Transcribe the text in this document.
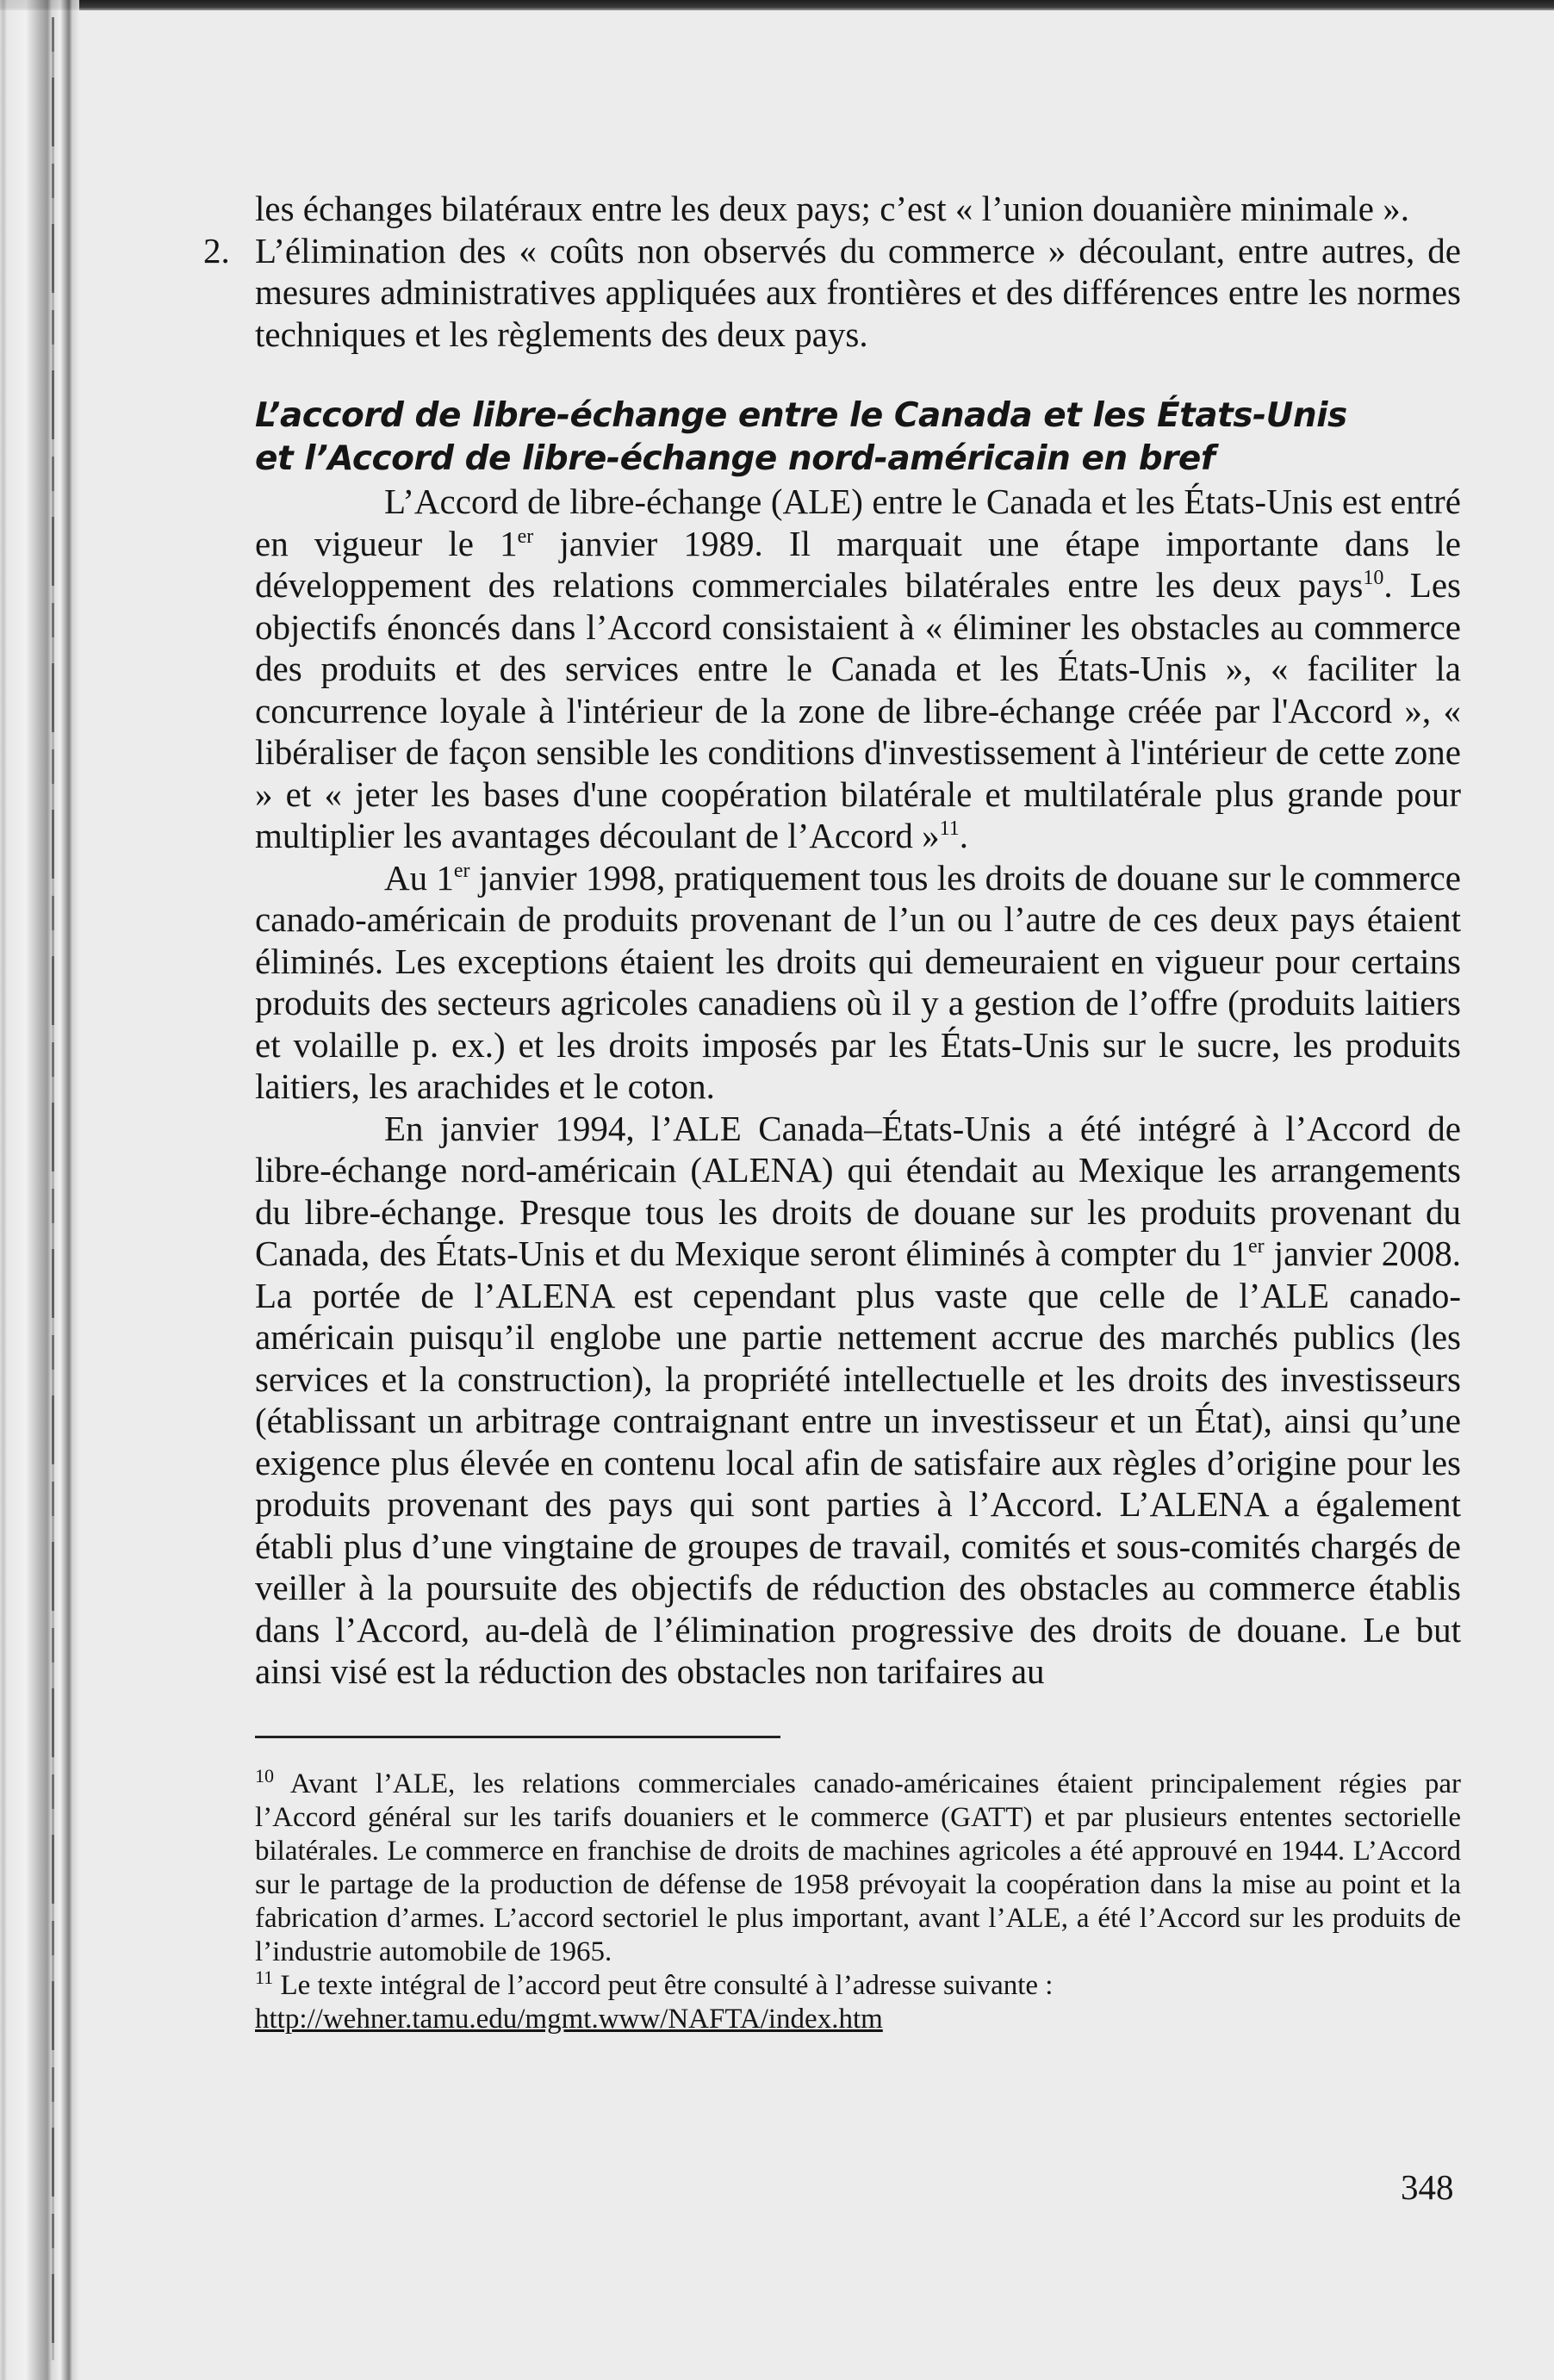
les échanges bilatéraux entre les deux pays; c’est « l’union douanière minimale ».

2. L’élimination des « coûts non observés du commerce » découlant, entre autres, de mesures administratives appliquées aux frontières et des différences entre les normes techniques et les règlements des deux pays.

L’accord de libre-échange entre le Canada et les États-Unis
et l’Accord de libre-échange nord-américain en bref

L’Accord de libre-échange (ALE) entre le Canada et les États-Unis est entré en vigueur le 1er janvier 1989. Il marquait une étape importante dans le développement des relations commerciales bilatérales entre les deux pays$^{10}$. Les objectifs énoncés dans l’Accord consistaient à « éliminer les obstacles au commerce des produits et des services entre le Canada et les États-Unis », « faciliter la concurrence loyale à l'intérieur de la zone de libre-échange créée par l'Accord », « libéraliser de façon sensible les conditions d'investissement à l'intérieur de cette zone » et « jeter les bases d'une coopération bilatérale et multilatérale plus grande pour multiplier les avantages découlant de l’Accord »$^{11}$.

Au 1er janvier 1998, pratiquement tous les droits de douane sur le commerce canado-américain de produits provenant de l’un ou l’autre de ces deux pays étaient éliminés. Les exceptions étaient les droits qui demeuraient en vigueur pour certains produits des secteurs agricoles canadiens où il y a gestion de l’offre (produits laitiers et volaille p. ex.) et les droits imposés par les États-Unis sur le sucre, les produits laitiers, les arachides et le coton.

En janvier 1994, l’ALE Canada–États-Unis a été intégré à l’Accord de libre-échange nord-américain (ALENA) qui étendait au Mexique les arrangements du libre-échange. Presque tous les droits de douane sur les produits provenant du Canada, des États-Unis et du Mexique seront éliminés à compter du 1er janvier 2008. La portée de l’ALENA est cependant plus vaste que celle de l’ALE canado-américain puisqu’il englobe une partie nettement accrue des marchés publics (les services et la construction), la propriété intellectuelle et les droits des investisseurs (établissant un arbitrage contraignant entre un investisseur et un État), ainsi qu’une exigence plus élevée en contenu local afin de satisfaire aux règles d’origine pour les produits provenant des pays qui sont parties à l’Accord. L’ALENA a également établi plus d’une vingtaine de groupes de travail, comités et sous-comités chargés de veiller à la poursuite des objectifs de réduction des obstacles au commerce établis dans l’Accord, au-delà de l’élimination progressive des droits de douane. Le but ainsi visé est la réduction des obstacles non tarifaires au

$^{10}$ Avant l’ALE, les relations commerciales canado-américaines étaient principalement régies par l’Accord général sur les tarifs douaniers et le commerce (GATT) et par plusieurs ententes sectorielle bilatérales. Le commerce en franchise de droits de machines agricoles a été approuvé en 1944. L’Accord sur le partage de la production de défense de 1958 prévoyait la coopération dans la mise au point et la fabrication d’armes. L’accord sectoriel le plus important, avant l’ALE, a été l’Accord sur les produits de l’industrie automobile de 1965.

$^{11}$ Le texte intégral de l’accord peut être consulté à l’adresse suivante :
http://wehner.tamu.edu/mgmt.www/NAFTA/index.htm

348
